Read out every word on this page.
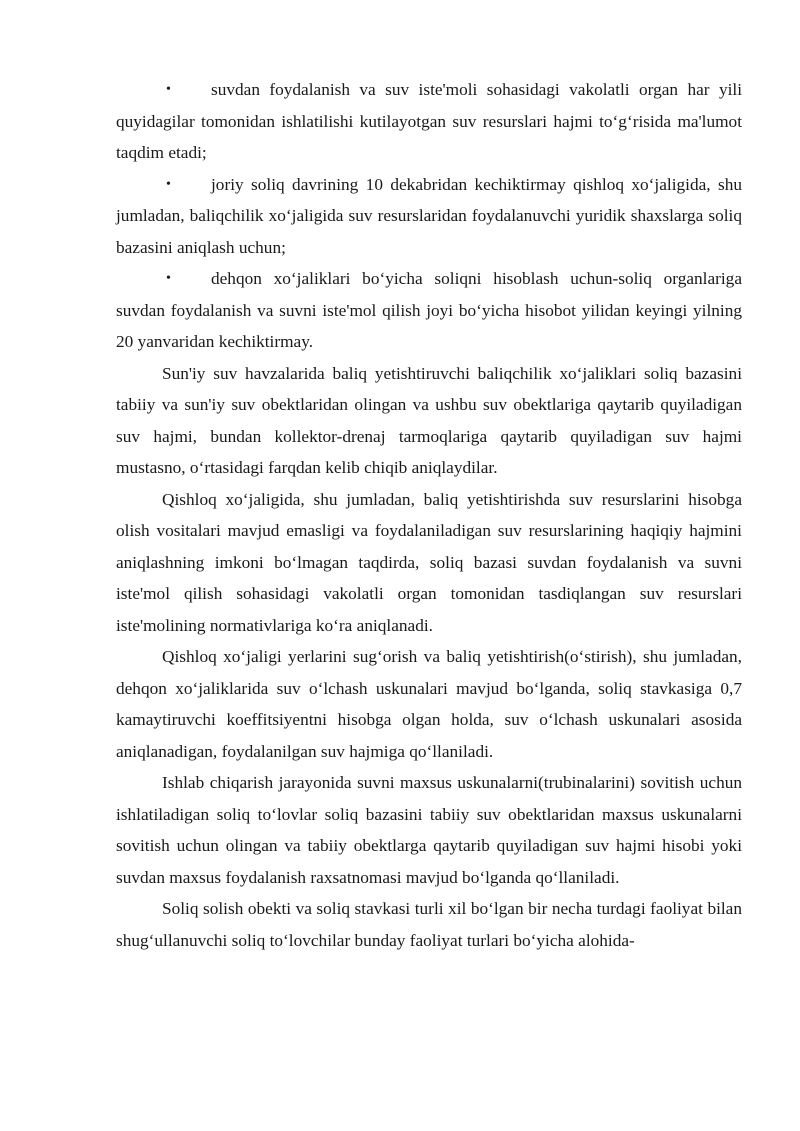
• suvdan foydalanish va suv iste'moli sohasidagi vakolatli organ har yili quyidagilar tomonidan ishlatilishi kutilayotgan suv resurslari hajmi to‘g‘risida ma'lumot taqdim etadi;

• joriy soliq davrining 10 dekabridan kechiktirmay qishloq xo‘jaligida, shu jumladan, baliqchilik xo‘jaligida suv resurslaridan foydalanuvchi yuridik shaxslarga soliq bazasini aniqlash uchun;

• dehqon xo‘jaliklari bo‘yicha soliqni hisoblash uchun-soliq organlariga suvdan foydalanish va suvni iste'mol qilish joyi bo‘yicha hisobot yilidan keyingi yilning 20 yanvaridan kechiktirmay.

Sun'iy suv havzalarida baliq yetishtiruvchi baliqchilik xo‘jaliklari soliq bazasini tabiiy va sun'iy suv obektlaridan olingan va ushbu suv obektlariga qaytarib quyiladigan suv hajmi, bundan kollektor-drenaj tarmoqlariga qaytarib quyiladigan suv hajmi mustasno, o‘rtasidagi farqdan kelib chiqib aniqlaydilar.

Qishloq xo‘jaligida, shu jumladan, baliq yetishtirishda suv resurslarini hisobga olish vositalari mavjud emasligi va foydalaniladigan suv resurslarining haqiqiy hajmini aniqlashning imkoni bo‘lmagan taqdirda, soliq bazasi suvdan foydalanish va suvni iste'mol qilish sohasidagi vakolatli organ tomonidan tasdiqlangan suv resurslari iste'molining normativlariga ko‘ra aniqlanadi.

Qishloq xo‘jaligi yerlarini sug‘orish va baliq yetishtirish(o‘stirish), shu jumladan, dehqon xo‘jaliklarida suv o‘lchash uskunalari mavjud bo‘lganda, soliq stavkasiga 0,7 kamaytiruvchi koeffitsiyentni hisobga olgan holda, suv o‘lchash uskunalari asosida aniqlanadigan, foydalanilgan suv hajmiga qo‘llaniladi.

Ishlab chiqarish jarayonida suvni maxsus uskunalarni(trubinalarini) sovitish uchun ishlatiladigan soliq to‘lovlar soliq bazasini tabiiy suv obektlaridan maxsus uskunalarni sovitish uchun olingan va tabiiy obektlarga qaytarib quyiladigan suv hajmi hisobi yoki suvdan maxsus foydalanish raxsatnomasi mavjud bo‘lganda qo‘llaniladi.

Soliq solish obekti va soliq stavkasi turli xil bo‘lgan bir necha turdagi faoliyat bilan shug‘ullanuvchi soliq to‘lovchilar bunday faoliyat turlari bo‘yicha alohida-
